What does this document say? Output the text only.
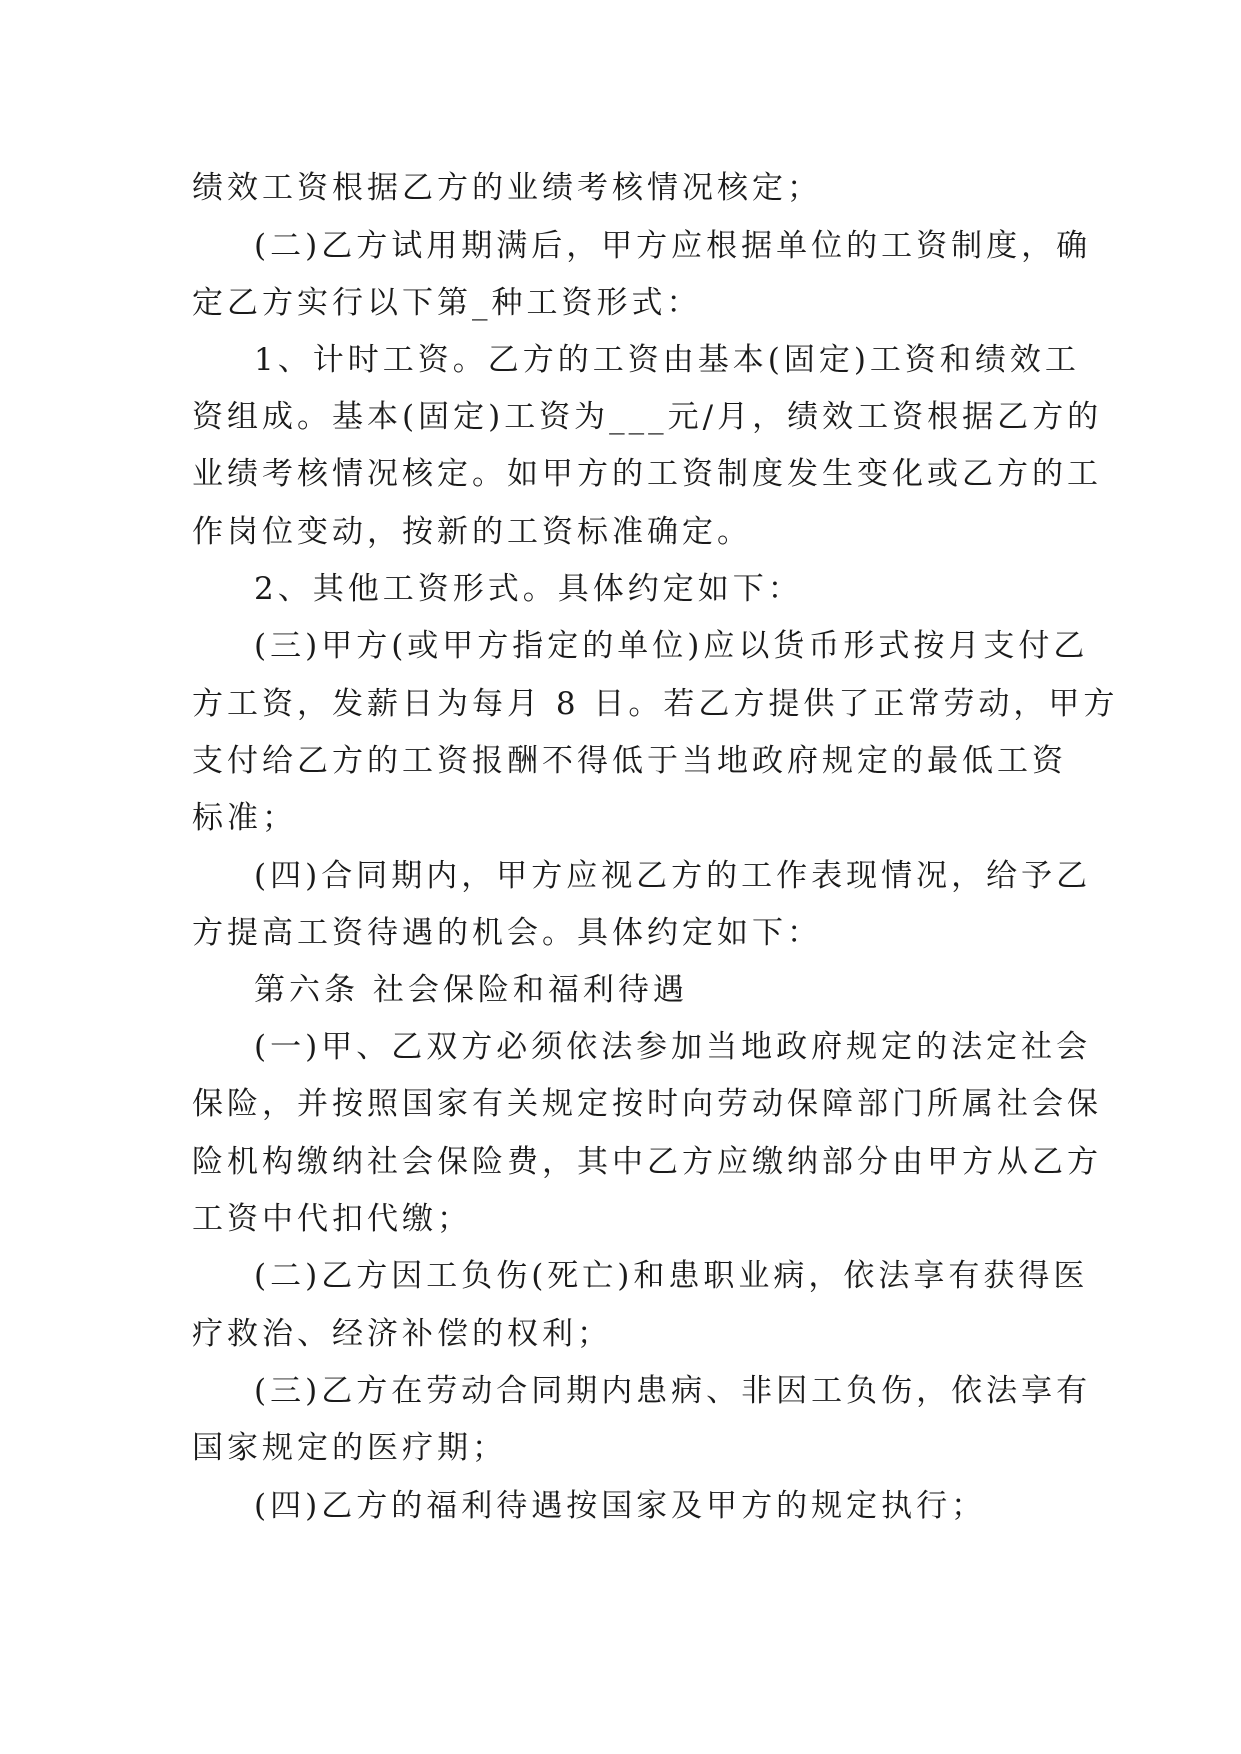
绩效工资根据乙方的业绩考核情况核定；
(二)乙方试用期满后，甲方应根据单位的工资制度，确
定乙方实行以下第_种工资形式：
1、计时工资。乙方的工资由基本(固定)工资和绩效工
资组成。基本(固定)工资为___元/月，绩效工资根据乙方的
业绩考核情况核定。如甲方的工资制度发生变化或乙方的工
作岗位变动，按新的工资标准确定。
2、其他工资形式。具体约定如下：
(三)甲方(或甲方指定的单位)应以货币形式按月支付乙
方工资，发薪日为每月 8 日。若乙方提供了正常劳动，甲方
支付给乙方的工资报酬不得低于当地政府规定的最低工资
标准；
(四)合同期内，甲方应视乙方的工作表现情况，给予乙
方提高工资待遇的机会。具体约定如下：
第六条 社会保险和福利待遇
(一)甲、乙双方必须依法参加当地政府规定的法定社会
保险，并按照国家有关规定按时向劳动保障部门所属社会保
险机构缴纳社会保险费，其中乙方应缴纳部分由甲方从乙方
工资中代扣代缴；
(二)乙方因工负伤(死亡)和患职业病，依法享有获得医
疗救治、经济补偿的权利；
(三)乙方在劳动合同期内患病、非因工负伤，依法享有
国家规定的医疗期；
(四)乙方的福利待遇按国家及甲方的规定执行；
